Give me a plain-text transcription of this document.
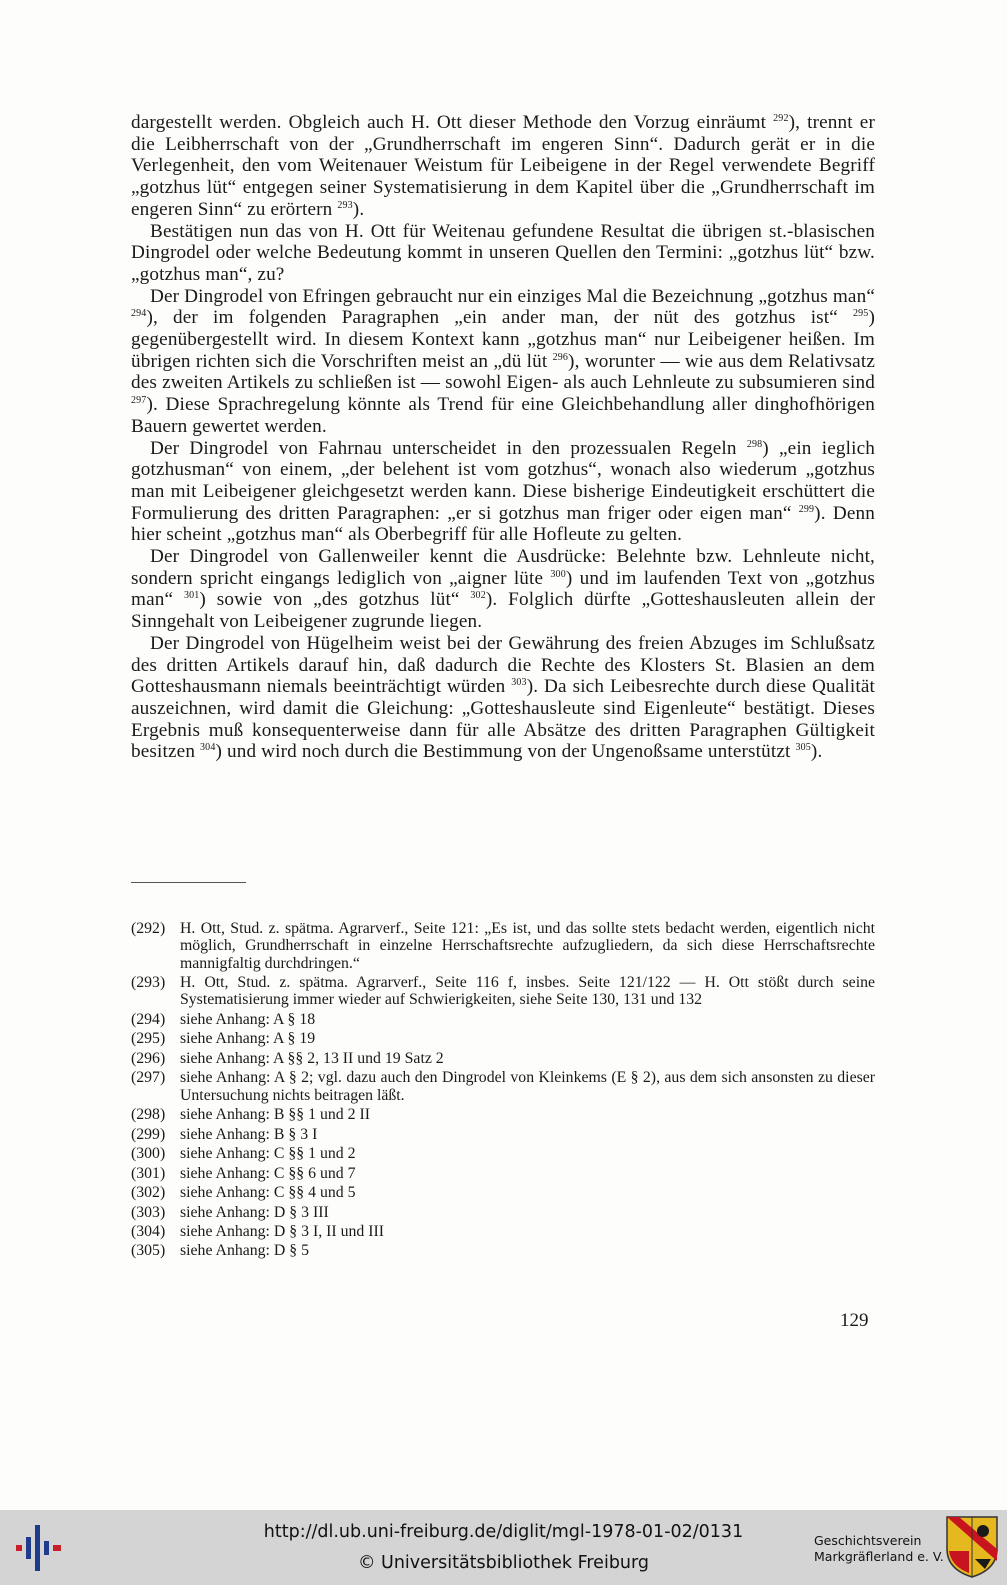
dargestellt werden. Obgleich auch H. Ott dieser Methode den Vorzug einräumt $^{292}$), trennt er die Leibherrschaft von der „Grundherrschaft im engeren Sinn“. Dadurch gerät er in die Verlegenheit, den vom Weitenauer Weistum für Leibeigene in der Regel verwendete Begriff „gotzhus lüt“ entgegen seiner Systematisierung in dem Kapitel über die „Grundherrschaft im engeren Sinn“ zu erörtern $^{293}$).

Bestätigen nun das von H. Ott für Weitenau gefundene Resultat die übrigen st.-blasischen Dingrodel oder welche Bedeutung kommt in unseren Quellen den Termini: „gotzhus lüt“ bzw. „gotzhus man“, zu?

Der Dingrodel von Efringen gebraucht nur ein einziges Mal die Bezeichnung „gotzhus man“ $^{294}$), der im folgenden Paragraphen „ein ander man, der nüt des gotzhus ist“ $^{295}$) gegenübergestellt wird. In diesem Kontext kann „gotzhus man“ nur Leibeigener heißen. Im übrigen richten sich die Vorschriften meist an „dü lüt $^{296}$), worunter — wie aus dem Relativsatz des zweiten Artikels zu schließen ist — sowohl Eigen- als auch Lehnleute zu subsumieren sind $^{297}$). Diese Sprachregelung könnte als Trend für eine Gleichbehandlung aller dinghofhörigen Bauern gewertet werden.

Der Dingrodel von Fahrnau unterscheidet in den prozessualen Regeln $^{298}$) „ein ieglich gotzhusman“ von einem, „der belehent ist vom gotzhus“, wonach also wiederum „gotzhus man mit Leibeigener gleichgesetzt werden kann. Diese bisherige Eindeutigkeit erschüttert die Formulierung des dritten Paragraphen: „er si gotzhus man friger oder eigen man“ $^{299}$). Denn hier scheint „gotzhus man“ als Oberbegriff für alle Hofleute zu gelten.

Der Dingrodel von Gallenweiler kennt die Ausdrücke: Belehnte bzw. Lehnleute nicht, sondern spricht eingangs lediglich von „aigner lüte $^{300}$) und im laufenden Text von „gotzhus man“ $^{301}$) sowie von „des gotzhus lüt“ $^{302}$). Folglich dürfte „Gotteshausleuten allein der Sinngehalt von Leibeigener zugrunde liegen.

Der Dingrodel von Hügelheim weist bei der Gewährung des freien Abzuges im Schlußsatz des dritten Artikels darauf hin, daß dadurch die Rechte des Klosters St. Blasien an dem Gotteshausmann niemals beeinträchtigt würden $^{303}$). Da sich Leibesrechte durch diese Qualität auszeichnen, wird damit die Gleichung: „Gotteshausleute sind Eigenleute“ bestätigt. Dieses Ergebnis muß konsequenterweise dann für alle Absätze des dritten Paragraphen Gültigkeit besitzen $^{304}$) und wird noch durch die Bestimmung von der Ungenoßsame unterstützt $^{305}$).

(292) H. Ott, Stud. z. spätma. Agrarverf., Seite 121: „Es ist, und das sollte stets bedacht werden, eigentlich nicht möglich, Grundherrschaft in einzelne Herrschaftsrechte aufzugliedern, da sich diese Herrschaftsrechte mannigfaltig durchdringen.“
(293) H. Ott, Stud. z. spätma. Agrarverf., Seite 116 f, insbes. Seite 121/122 — H. Ott stößt durch seine Systematisierung immer wieder auf Schwierigkeiten, siehe Seite 130, 131 und 132
(294) siehe Anhang: A § 18
(295) siehe Anhang: A § 19
(296) siehe Anhang: A §§ 2, 13 II und 19 Satz 2
(297) siehe Anhang: A § 2; vgl. dazu auch den Dingrodel von Kleinkems (E § 2), aus dem sich ansonsten zu dieser Untersuchung nichts beitragen läßt.
(298) siehe Anhang: B §§ 1 und 2 II
(299) siehe Anhang: B § 3 I
(300) siehe Anhang: C §§ 1 und 2
(301) siehe Anhang: C §§ 6 und 7
(302) siehe Anhang: C §§ 4 und 5
(303) siehe Anhang: D § 3 III
(304) siehe Anhang: D § 3 I, II und III
(305) siehe Anhang: D § 5
129
http://dl.ub.uni-freiburg.de/diglit/mgl-1978-01-02/0131
© Universitätsbibliothek Freiburg
Geschichtsverein
Markgräflerland e. V.
